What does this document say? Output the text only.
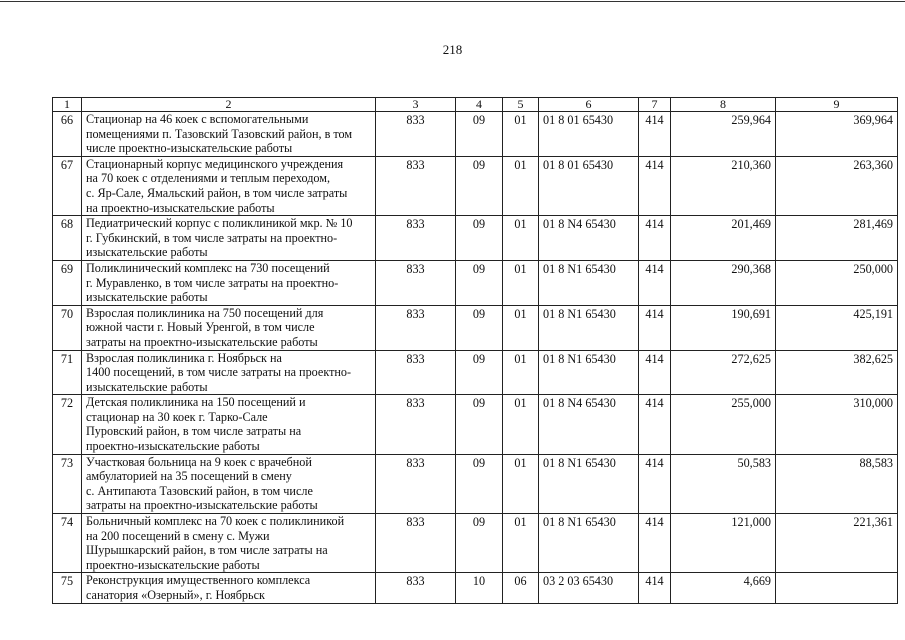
218
1	2	3	4	5	6	7	8	9

66	Стационар на 46 коек с вспомогательными
помещениями п. Тазовский Тазовский район, в том
числе проектно-изыскательские работы	833	09	01	01 8 01 65430	414	259,964	369,964

67	Стационарный корпус медицинского учреждения
на 70 коек с отделениями и теплым переходом,
с. Яр-Сале, Ямальский район, в том числе затраты
на проектно-изыскательские работы	833	09	01	01 8 01 65430	414	210,360	263,360

68	Педиатрический корпус с поликлиникой мкр. № 10
г. Губкинский, в том числе затраты на проектно-
изыскательские работы	833	09	01	01 8 N4 65430	414	201,469	281,469

69	Поликлинический комплекс на 730 посещений
г. Муравленко, в том числе затраты на проектно-
изыскательские работы	833	09	01	01 8 N1 65430	414	290,368	250,000

70	Взрослая поликлиника на 750 посещений для
южной части г. Новый Уренгой, в том числе
затраты на проектно-изыскательские работы	833	09	01	01 8 N1 65430	414	190,691	425,191

71	Взрослая поликлиника г. Ноябрьск на
1400 посещений, в том числе затраты на проектно-
изыскательские работы	833	09	01	01 8 N1 65430	414	272,625	382,625

72	Детская поликлиника на 150 посещений и
стационар на 30 коек г. Тарко-Сале
Пуровский район, в том числе затраты на
проектно-изыскательские работы	833	09	01	01 8 N4 65430	414	255,000	310,000

73	Участковая больница на 9 коек с врачебной
амбулаторией на 35 посещений в смену
с. Антипаюта Тазовский район, в том числе
затраты на проектно-изыскательские работы	833	09	01	01 8 N1 65430	414	50,583	88,583

74	Больничный комплекс на 70 коек с поликлиникой
на 200 посещений в смену с. Мужи
Шурышкарский район, в том числе затраты на
проектно-изыскательские работы	833	09	01	01 8 N1 65430	414	121,000	221,361

75	Реконструкция имущественного комплекса
санатория «Озерный», г. Ноябрьск	833	10	06	03 2 03 65430	414	4,669	
